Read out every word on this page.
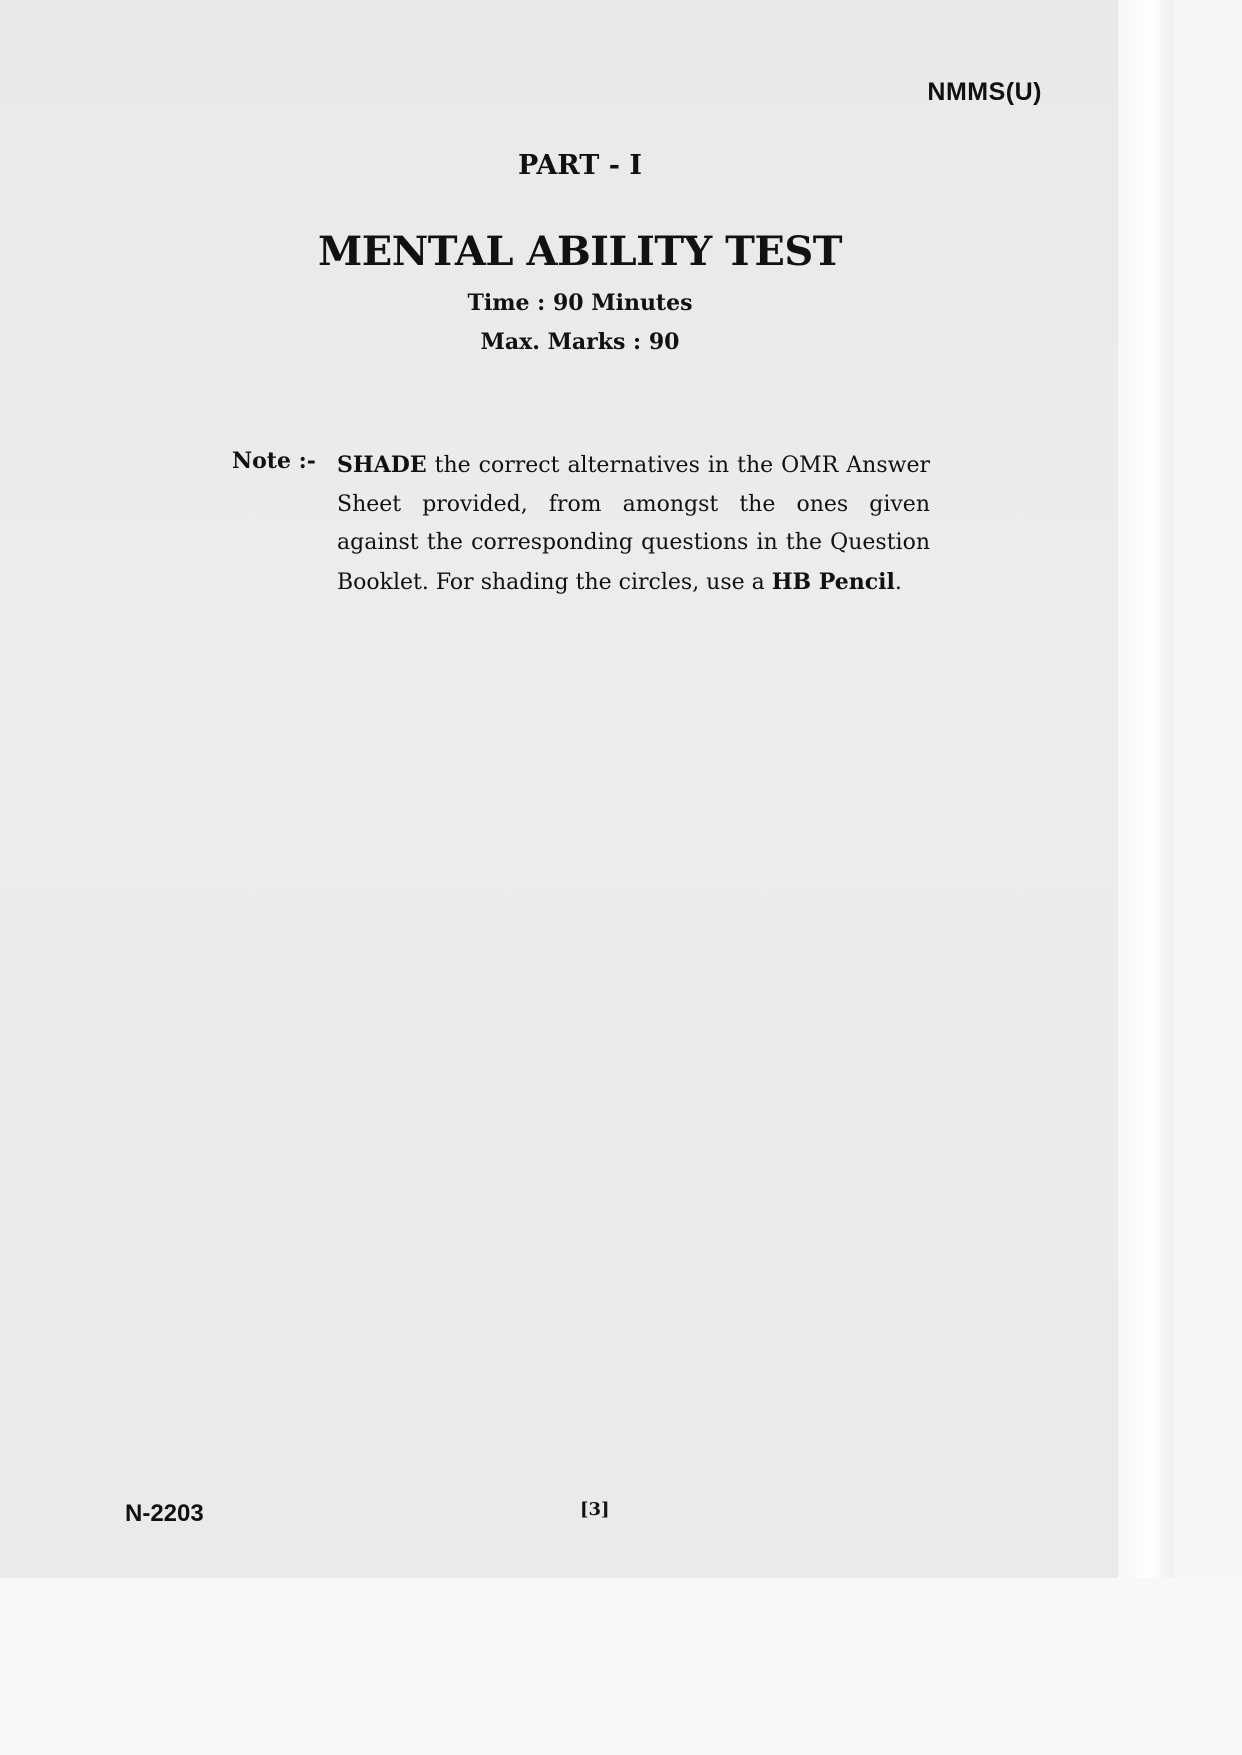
NMMS(U)
PART - I
MENTAL ABILITY TEST
Time : 90 Minutes
Max. Marks : 90
Note :- SHADE the correct alternatives in the OMR Answer Sheet provided, from amongst the ones given against the corresponding questions in the Question Booklet. For shading the circles, use a HB Pencil.
N-2203	[3]
